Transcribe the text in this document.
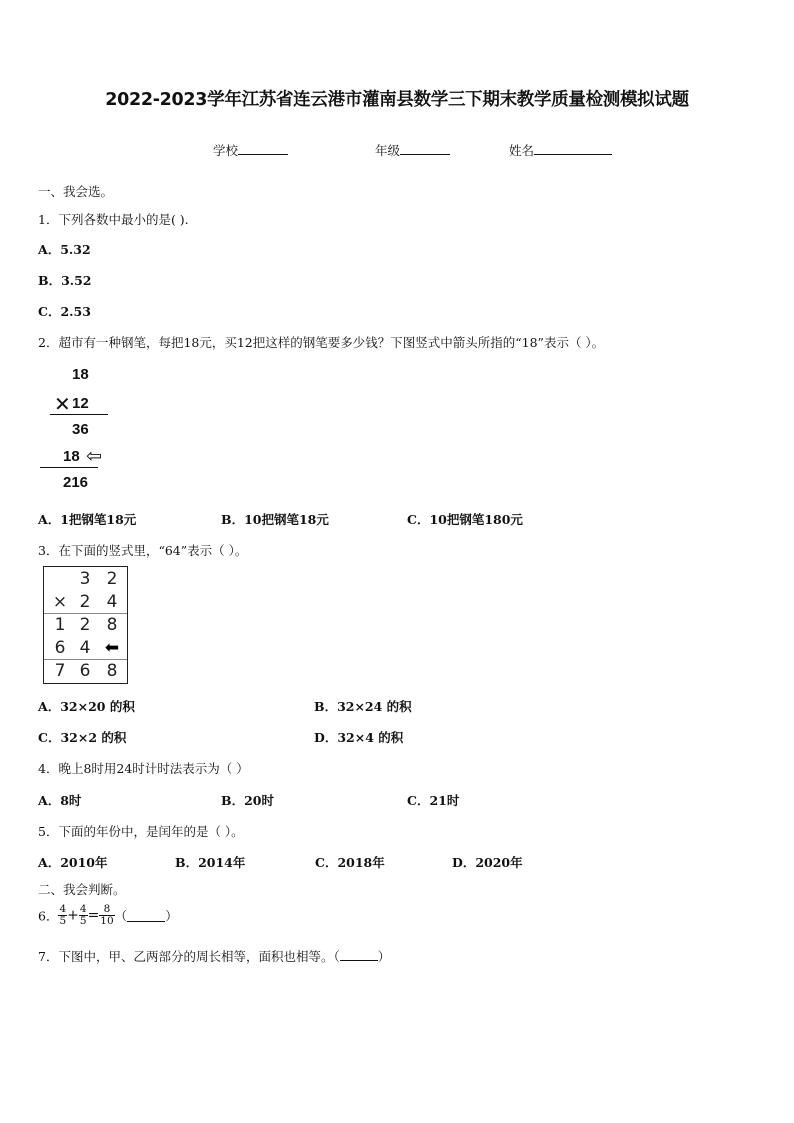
2022-2023学年江苏省连云港市灌南县数学三下期末教学质量检测模拟试题
学校	年级	姓名
一、我会选。
1．下列各数中最小的是( ).
A．5.32
B．3.52
C．2.53
2．超市有一种钢笔，每把18元，买12把这样的钢笔要多少钱？下图竖式中箭头所指的“18”表示（ ）。
18
✕ 12
36
18 ⇦
216
A．1把钢笔18元	B．10把钢笔18元	C．10把钢笔180元
3．在下面的竖式里，“64”表示（ ）。
3 2
× 2 4
1 2 8
6 4 ⬅
7 6 8
A．32×20 的积	B．32×24 的积
C．32×2 的积	D．32×4 的积
4．晚上8时用24时计时法表示为（ ）
A．8时	B．20时	C．21时
5．下面的年份中，是闰年的是（ ）。
A．2010年	B．2014年	C．2018年	D．2020年
二、我会判断。
6． $\frac{4}{5} + \frac{4}{5} = \frac{8}{10}$ （	）
7．下图中，甲、乙两部分的周长相等，面积也相等。（	）
